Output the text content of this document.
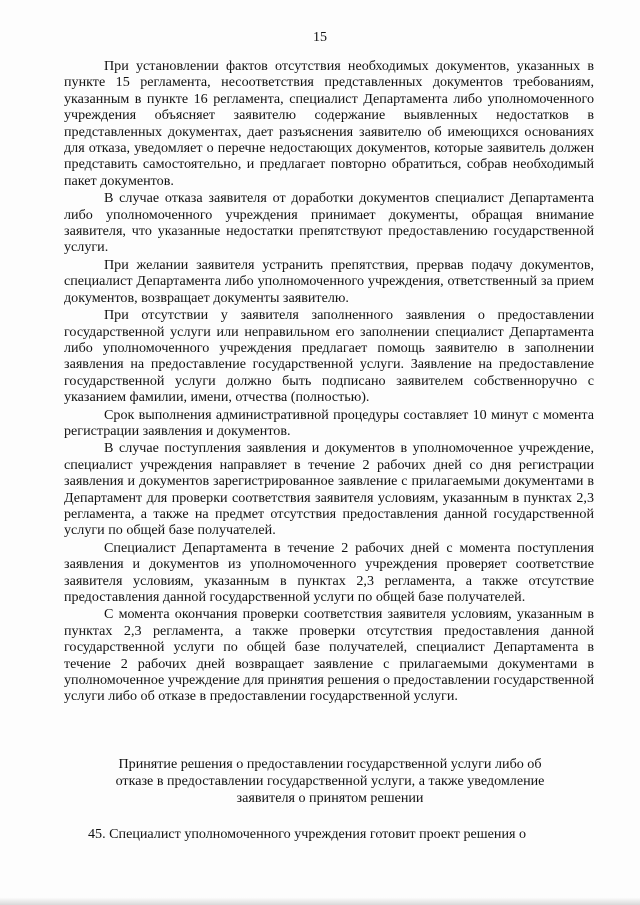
15

При установлении фактов отсутствия необходимых документов, указанных в пункте 15 регламента, несоответствия представленных документов требованиям, указанным в пункте 16 регламента, специалист Департамента либо уполномоченного учреждения объясняет заявителю содержание выявленных недостатков в представленных документах, дает разъяснения заявителю об имеющихся основаниях для отказа, уведомляет о перечне недостающих документов, которые заявитель должен представить самостоятельно, и предлагает повторно обратиться, собрав необходимый пакет документов.

В случае отказа заявителя от доработки документов специалист Департамента либо уполномоченного учреждения принимает документы, обращая внимание заявителя, что указанные недостатки препятствуют предоставлению государственной услуги.

При желании заявителя устранить препятствия, прервав подачу документов, специалист Департамента либо уполномоченного учреждения, ответственный за прием документов, возвращает документы заявителю.

При отсутствии у заявителя заполненного заявления о предоставлении государственной услуги или неправильном его заполнении специалист Департамента либо уполномоченного учреждения предлагает помощь заявителю в заполнении заявления на предоставление государственной услуги. Заявление на предоставление государственной услуги должно быть подписано заявителем собственноручно с указанием фамилии, имени, отчества (полностью).

Срок выполнения административной процедуры составляет 10 минут с момента регистрации заявления и документов.

В случае поступления заявления и документов в уполномоченное учреждение, специалист учреждения направляет в течение 2 рабочих дней со дня регистрации заявления и документов зарегистрированное заявление с прилагаемыми документами в Департамент для проверки соответствия заявителя условиям, указанным в пунктах 2,3 регламента, а также на предмет отсутствия предоставления данной государственной услуги по общей базе получателей.

Специалист Департамента в течение 2 рабочих дней с момента поступления заявления и документов из уполномоченного учреждения проверяет соответствие заявителя условиям, указанным в пунктах 2,3 регламента, а также отсутствие предоставления данной государственной услуги по общей базе получателей.

С момента окончания проверки соответствия заявителя условиям, указанным в пунктах 2,3 регламента, а также проверки отсутствия предоставления данной государственной услуги по общей базе получателей, специалист Департамента в течение 2 рабочих дней возвращает заявление с прилагаемыми документами в уполномоченное учреждение для принятия решения о предоставлении государственной услуги либо об отказе в предоставлении государственной услуги.

Принятие решения о предоставлении государственной услуги либо об отказе в предоставлении государственной услуги, а также уведомление заявителя о принятом решении

45. Специалист уполномоченного учреждения готовит проект решения о
